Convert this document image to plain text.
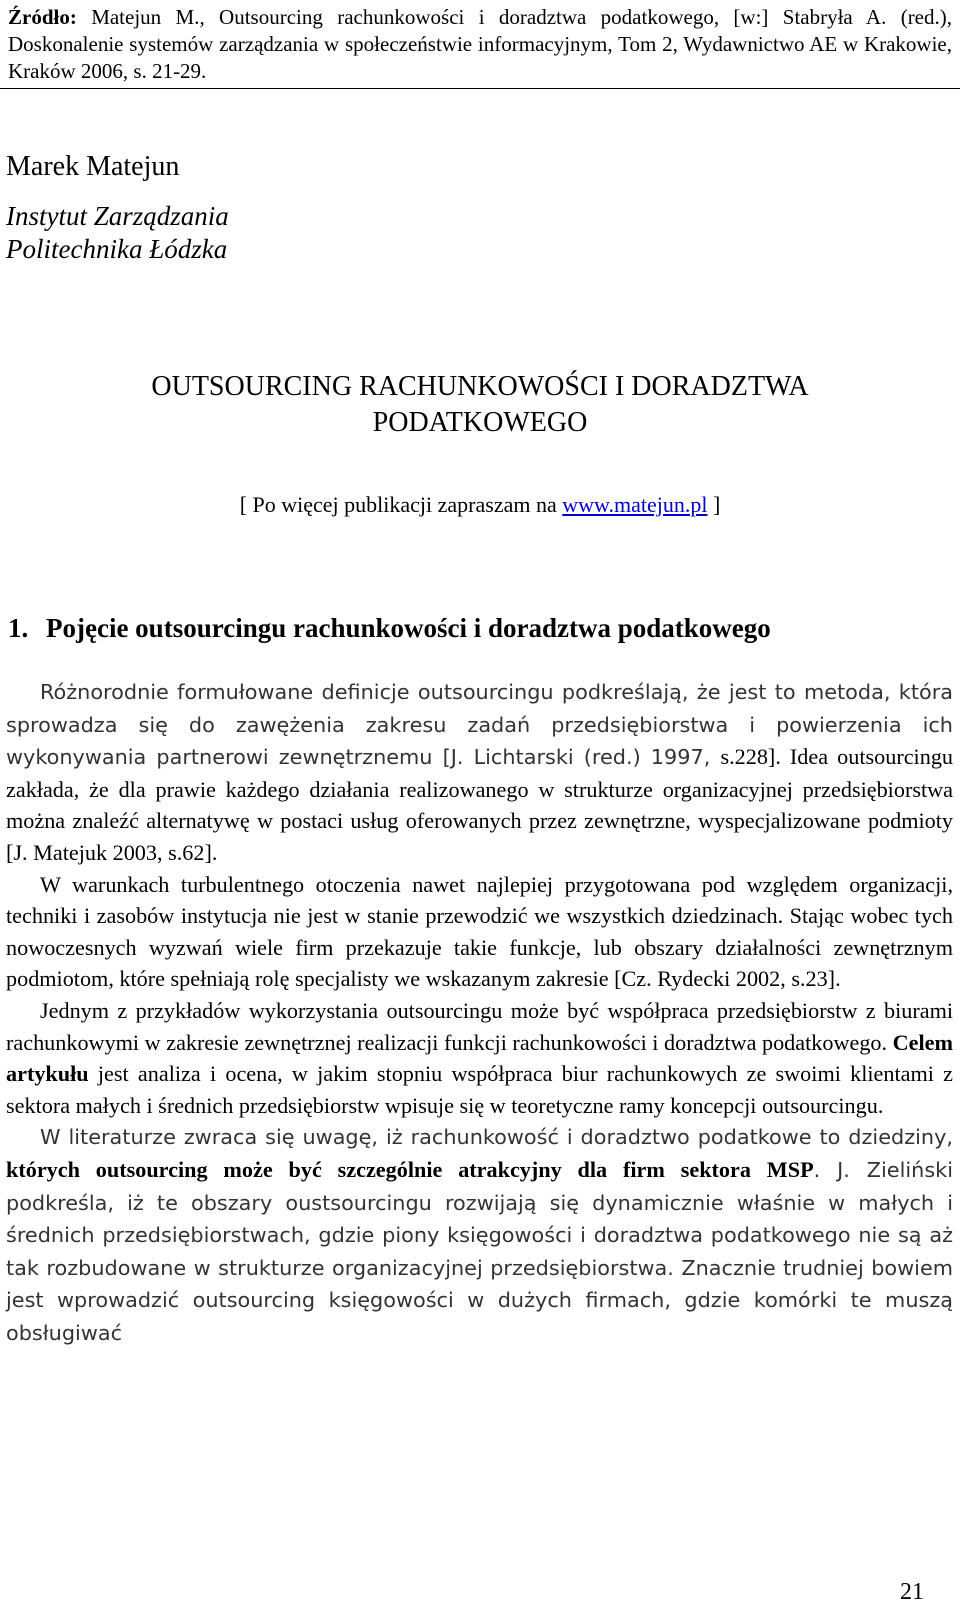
Źródło: Matejun M., Outsourcing rachunkowości i doradztwa podatkowego, [w:] Stabryła A. (red.), Doskonalenie systemów zarządzania w społeczeństwie informacyjnym, Tom 2, Wydawnictwo AE w Krakowie, Kraków 2006, s. 21-29.
Marek Matejun
Instytut Zarządzania
Politechnika Łódzka
OUTSOURCING RACHUNKOWOŚCI I DORADZTWA
PODATKOWEGO
[ Po więcej publikacji zapraszam na www.matejun.pl ]
1. Pojęcie outsourcingu rachunkowości i doradztwa podatkowego

Różnorodnie formułowane definicje outsourcingu podkreślają, że jest to metoda, która sprowadza się do zawężenia zakresu zadań przedsiębiorstwa i powierzenia ich wykonywania partnerowi zewnętrznemu [J. Lichtarski (red.) 1997, s.228]. Idea outsourcingu zakłada, że dla prawie każdego działania realizowanego w strukturze organizacyjnej przedsiębiorstwa można znaleźć alternatywę w postaci usług oferowanych przez zewnętrzne, wyspecjalizowane podmioty [J. Matejuk 2003, s.62].

W warunkach turbulentnego otoczenia nawet najlepiej przygotowana pod względem organizacji, techniki i zasobów instytucja nie jest w stanie przewodzić we wszystkich dziedzinach. Stając wobec tych nowoczesnych wyzwań wiele firm przekazuje takie funkcje, lub obszary działalności zewnętrznym podmiotom, które spełniają rolę specjalisty we wskazanym zakresie [Cz. Rydecki 2002, s.23].

Jednym z przykładów wykorzystania outsourcingu może być współpraca przedsiębiorstw z biurami rachunkowymi w zakresie zewnętrznej realizacji funkcji rachunkowości i doradztwa podatkowego. Celem artykułu jest analiza i ocena, w jakim stopniu współpraca biur rachunkowych ze swoimi klientami z sektora małych i średnich przedsiębiorstw wpisuje się w teoretyczne ramy koncepcji outsourcingu.

W literaturze zwraca się uwagę, iż rachunkowość i doradztwo podatkowe to dziedziny, których outsourcing może być szczególnie atrakcyjny dla firm sektora MSP. J. Zieliński podkreśla, iż te obszary oustsourcingu rozwijają się dynamicznie właśnie w małych i średnich przedsiębiorstwach, gdzie piony księgowości i doradztwa podatkowego nie są aż tak rozbudowane w strukturze organizacyjnej przedsiębiorstwa. Znacznie trudniej bowiem jest wprowadzić outsourcing księgowości w dużych firmach, gdzie komórki te muszą obsługiwać

21
